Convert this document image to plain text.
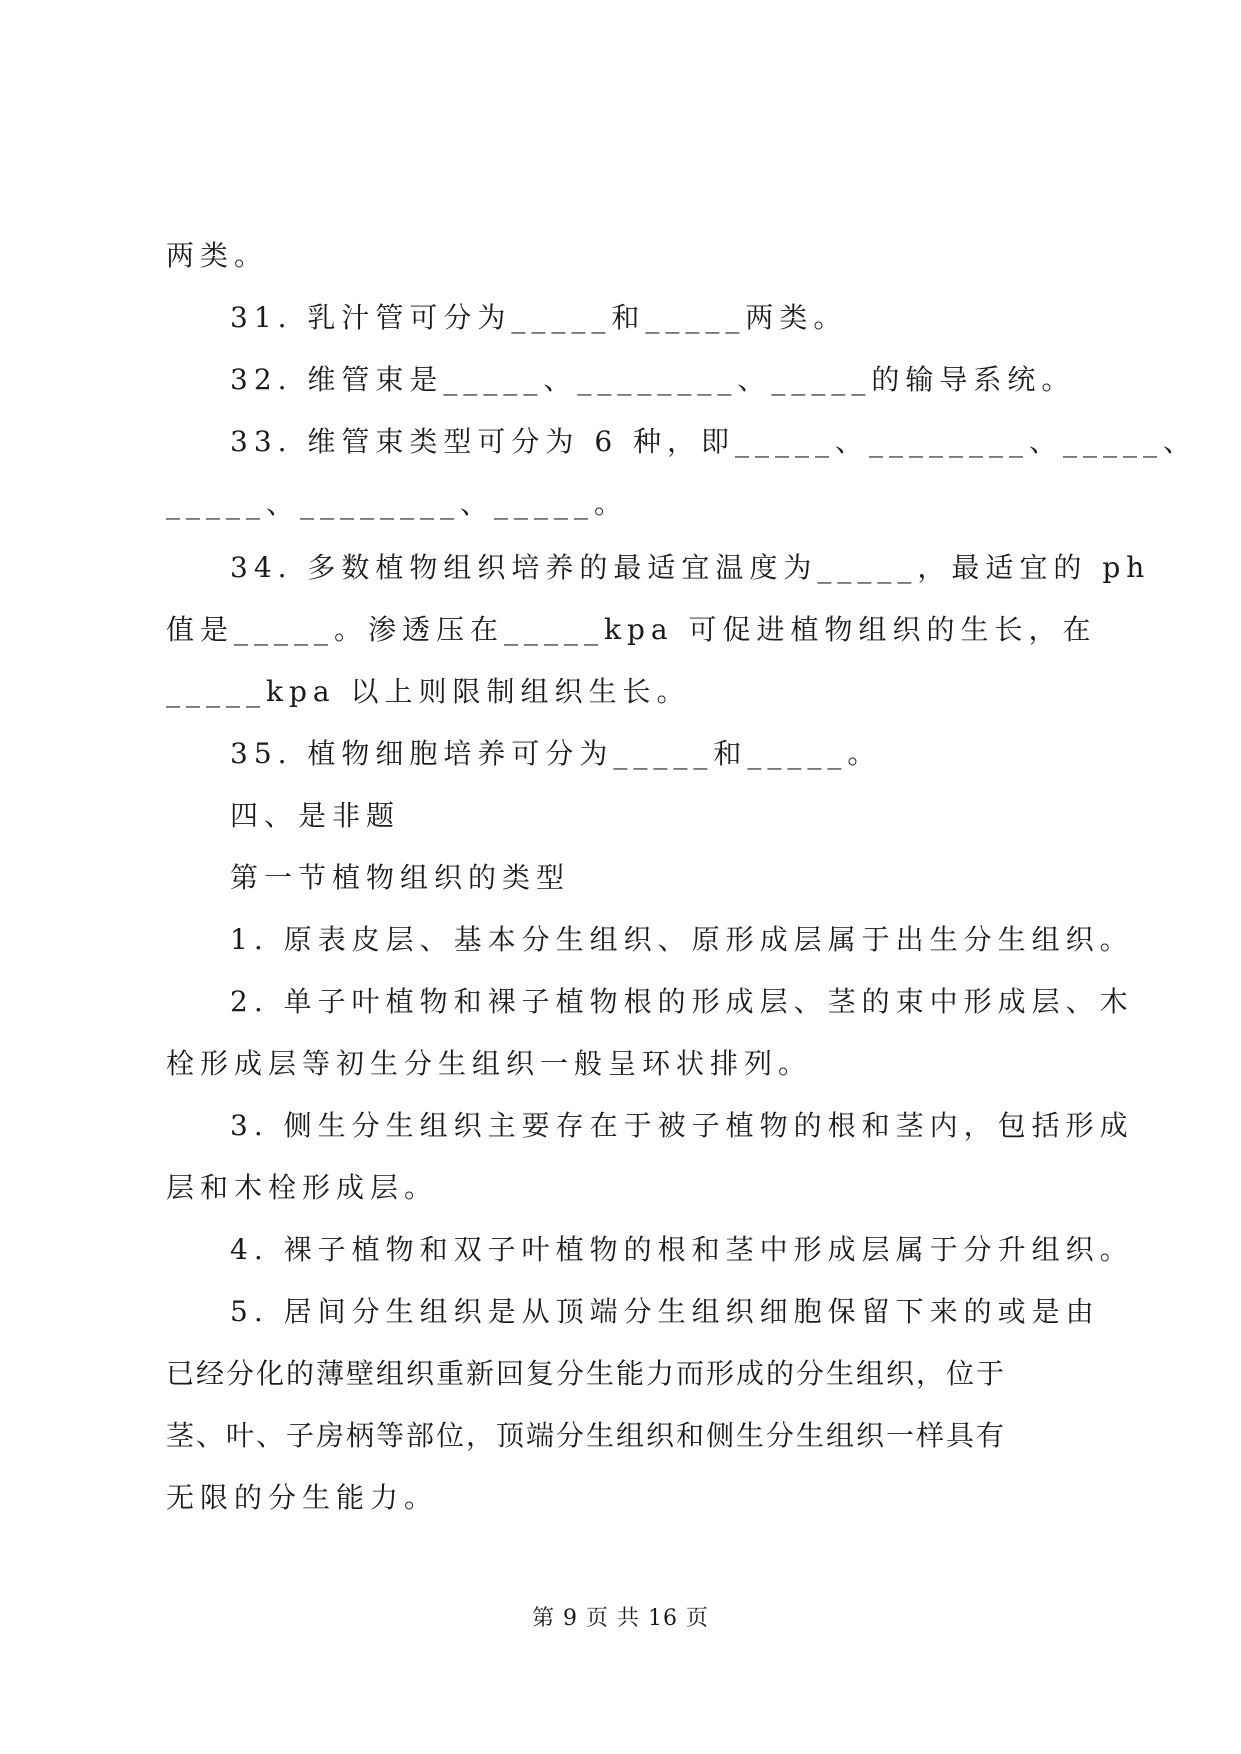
两类。
31. 乳汁管可分为_____和_____两类。
32. 维管束是_____、________、_____的输导系统。
33. 维管束类型可分为 6 种，即_____、________、_____、
_____、________、_____。
34. 多数植物组织培养的最适宜温度为_____，最适宜的 ph
值是_____。渗透压在_____kpa 可促进植物组织的生长，在
_____kpa 以上则限制组织生长。
35. 植物细胞培养可分为_____和_____。
四、是非题
第一节植物组织的类型
1. 原表皮层、基本分生组织、原形成层属于出生分生组织。
2. 单子叶植物和裸子植物根的形成层、茎的束中形成层、木
栓形成层等初生分生组织一般呈环状排列。
3. 侧生分生组织主要存在于被子植物的根和茎内，包括形成
层和木栓形成层。
4. 裸子植物和双子叶植物的根和茎中形成层属于分升组织。
5. 居间分生组织是从顶端分生组织细胞保留下来的或是由
已经分化的薄壁组织重新回复分生能力而形成的分生组织，位于
茎、叶、子房柄等部位，顶端分生组织和侧生分生组织一样具有
无限的分生能力。
第 9 页 共 16 页
